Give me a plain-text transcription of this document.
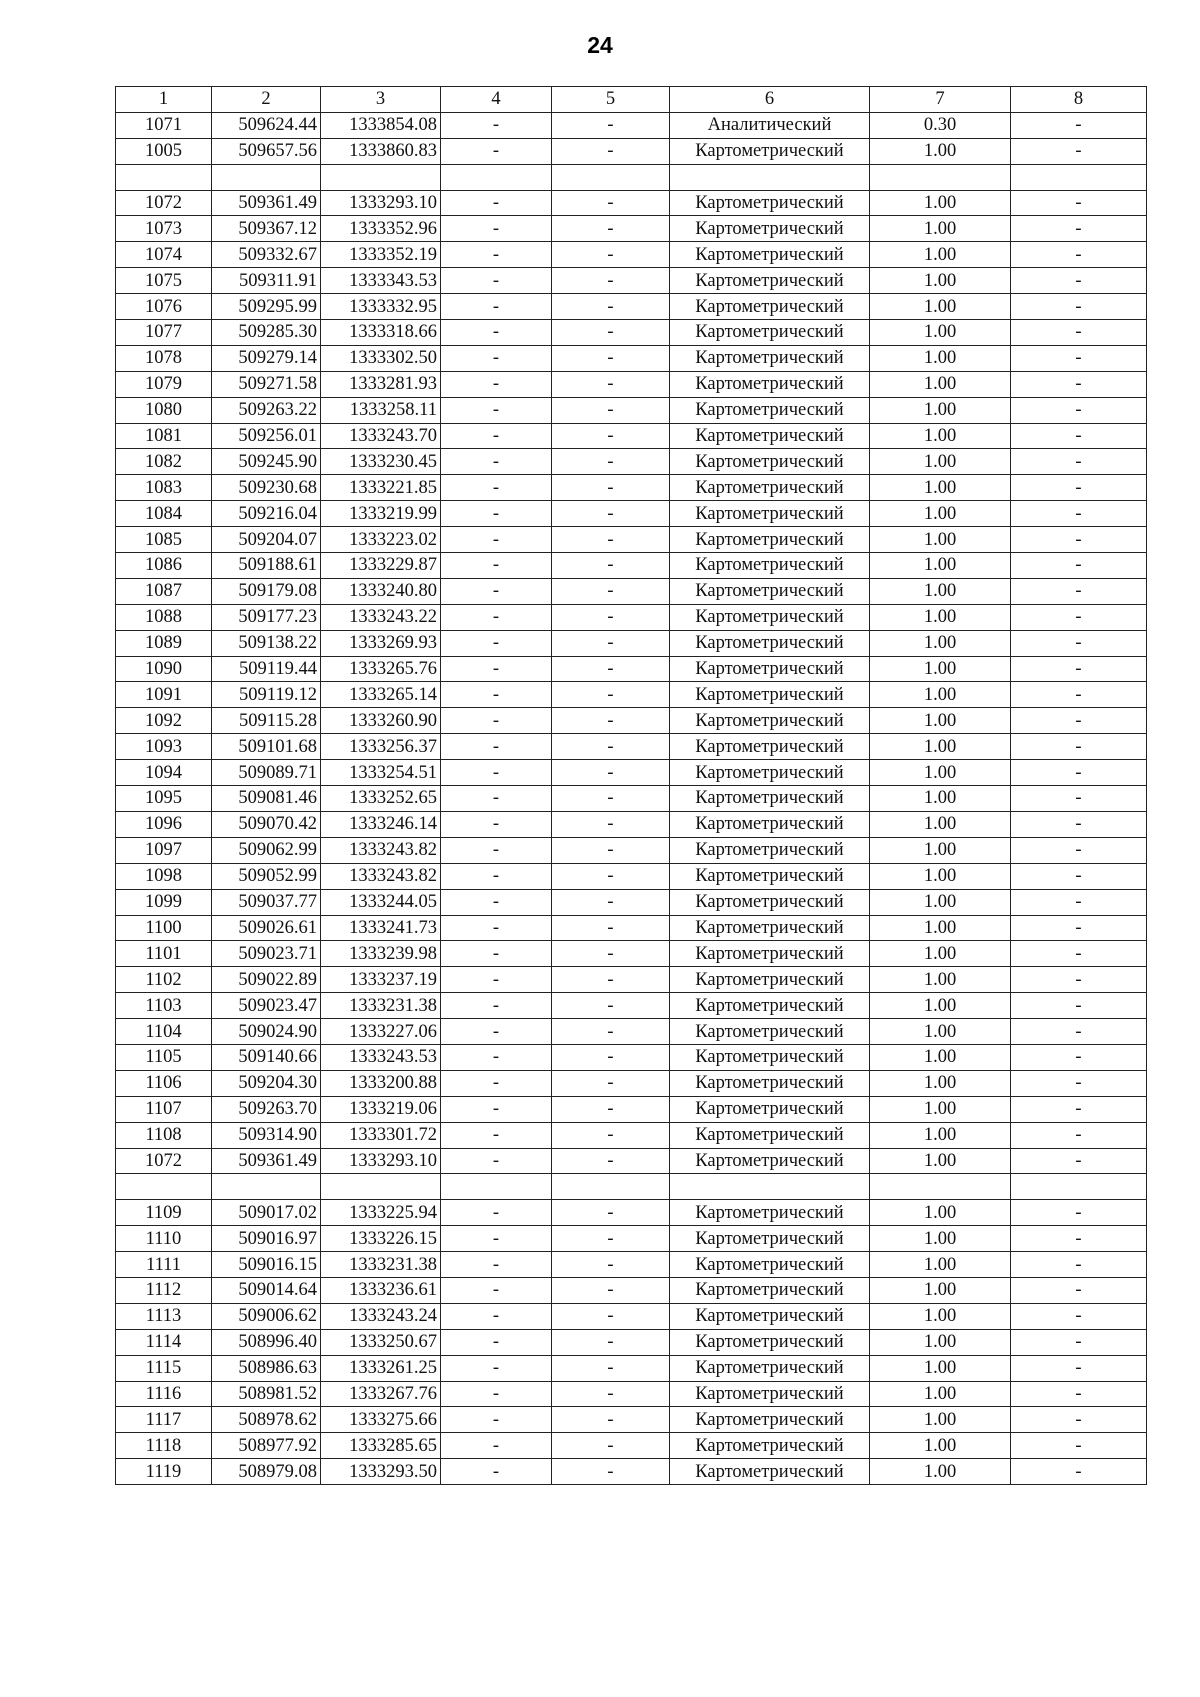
24
1	2	3	4	5	6	7	8
1071	509624.44	1333854.08	-	-	Аналитический	0.30	-
1005	509657.56	1333860.83	-	-	Картометрический	1.00	-

1072	509361.49	1333293.10	-	-	Картометрический	1.00	-
1073	509367.12	1333352.96	-	-	Картометрический	1.00	-
1074	509332.67	1333352.19	-	-	Картометрический	1.00	-
1075	509311.91	1333343.53	-	-	Картометрический	1.00	-
1076	509295.99	1333332.95	-	-	Картометрический	1.00	-
1077	509285.30	1333318.66	-	-	Картометрический	1.00	-
1078	509279.14	1333302.50	-	-	Картометрический	1.00	-
1079	509271.58	1333281.93	-	-	Картометрический	1.00	-
1080	509263.22	1333258.11	-	-	Картометрический	1.00	-
1081	509256.01	1333243.70	-	-	Картометрический	1.00	-
1082	509245.90	1333230.45	-	-	Картометрический	1.00	-
1083	509230.68	1333221.85	-	-	Картометрический	1.00	-
1084	509216.04	1333219.99	-	-	Картометрический	1.00	-
1085	509204.07	1333223.02	-	-	Картометрический	1.00	-
1086	509188.61	1333229.87	-	-	Картометрический	1.00	-
1087	509179.08	1333240.80	-	-	Картометрический	1.00	-
1088	509177.23	1333243.22	-	-	Картометрический	1.00	-
1089	509138.22	1333269.93	-	-	Картометрический	1.00	-
1090	509119.44	1333265.76	-	-	Картометрический	1.00	-
1091	509119.12	1333265.14	-	-	Картометрический	1.00	-
1092	509115.28	1333260.90	-	-	Картометрический	1.00	-
1093	509101.68	1333256.37	-	-	Картометрический	1.00	-
1094	509089.71	1333254.51	-	-	Картометрический	1.00	-
1095	509081.46	1333252.65	-	-	Картометрический	1.00	-
1096	509070.42	1333246.14	-	-	Картометрический	1.00	-
1097	509062.99	1333243.82	-	-	Картометрический	1.00	-
1098	509052.99	1333243.82	-	-	Картометрический	1.00	-
1099	509037.77	1333244.05	-	-	Картометрический	1.00	-
1100	509026.61	1333241.73	-	-	Картометрический	1.00	-
1101	509023.71	1333239.98	-	-	Картометрический	1.00	-
1102	509022.89	1333237.19	-	-	Картометрический	1.00	-
1103	509023.47	1333231.38	-	-	Картометрический	1.00	-
1104	509024.90	1333227.06	-	-	Картометрический	1.00	-
1105	509140.66	1333243.53	-	-	Картометрический	1.00	-
1106	509204.30	1333200.88	-	-	Картометрический	1.00	-
1107	509263.70	1333219.06	-	-	Картометрический	1.00	-
1108	509314.90	1333301.72	-	-	Картометрический	1.00	-
1072	509361.49	1333293.10	-	-	Картометрический	1.00	-

1109	509017.02	1333225.94	-	-	Картометрический	1.00	-
1110	509016.97	1333226.15	-	-	Картометрический	1.00	-
1111	509016.15	1333231.38	-	-	Картометрический	1.00	-
1112	509014.64	1333236.61	-	-	Картометрический	1.00	-
1113	509006.62	1333243.24	-	-	Картометрический	1.00	-
1114	508996.40	1333250.67	-	-	Картометрический	1.00	-
1115	508986.63	1333261.25	-	-	Картометрический	1.00	-
1116	508981.52	1333267.76	-	-	Картометрический	1.00	-
1117	508978.62	1333275.66	-	-	Картометрический	1.00	-
1118	508977.92	1333285.65	-	-	Картометрический	1.00	-
1119	508979.08	1333293.50	-	-	Картометрический	1.00	-
